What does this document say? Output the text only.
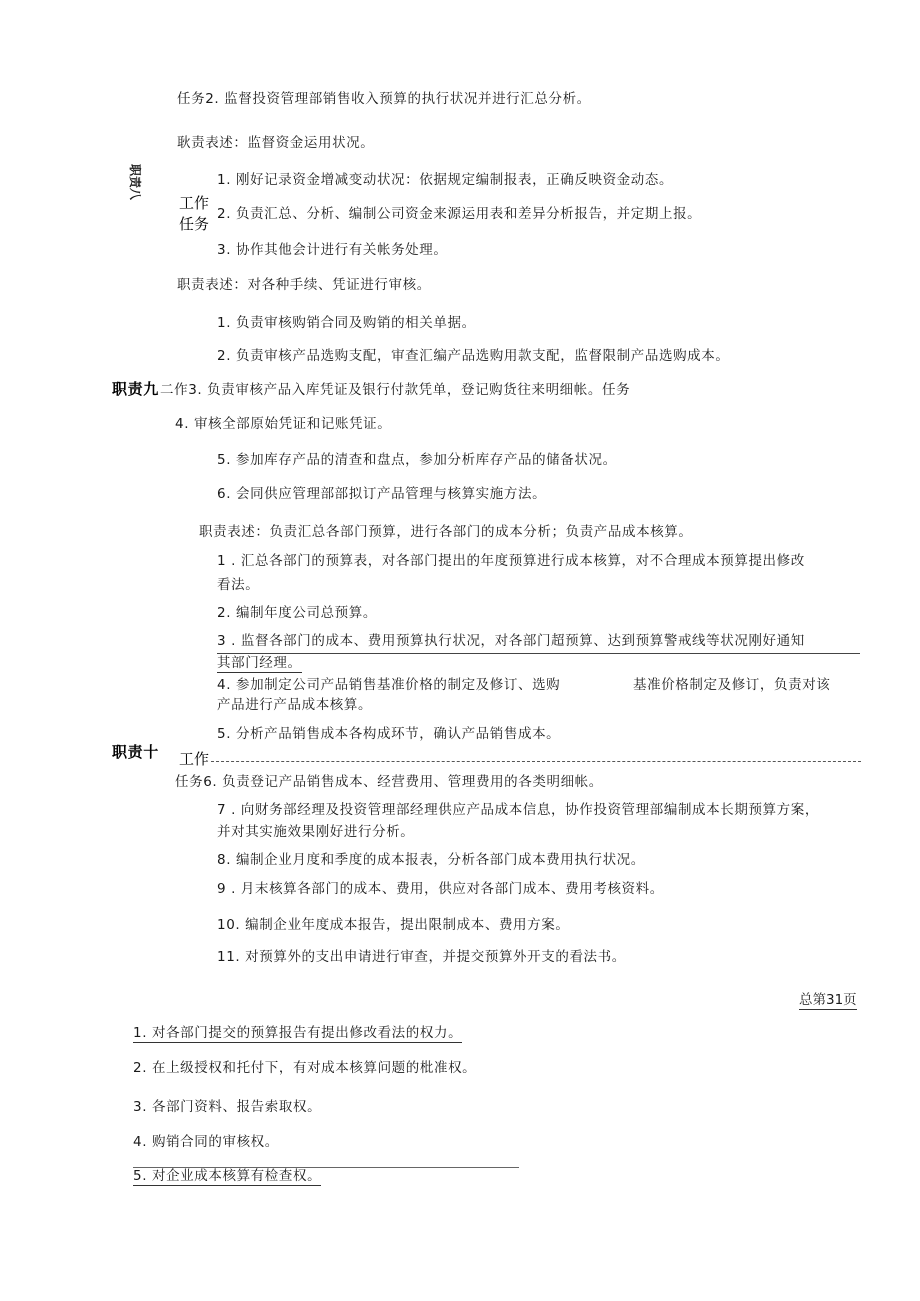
任务2. 监督投资管理部销售收入预算的执行状况并进行汇总分析。
耿责表述：监督资金运用状况。
职责八
工作
任务
1. 刚好记录资金增减变动状况：依据规定编制报表，正确反映资金动态。
2. 负责汇总、分析、编制公司资金来源运用表和差异分析报告，并定期上报。
3. 协作其他会计进行有关帐务处理。
职责表述：对各种手续、凭证进行审核。
1. 负责审核购销合同及购销的相关单据。
2. 负责审核产品选购支配，审查汇编产品选购用款支配，监督限制产品选购成本。
职责九 二作3. 负责审核产品入库凭证及银行付款凭单，登记购货往来明细帐。任务
4. 审核全部原始凭证和记账凭证。
5. 参加库存产品的清查和盘点，参加分析库存产品的储备状况。
6. 会同供应管理部部拟订产品管理与核算实施方法。
职责表述：负责汇总各部门预算，进行各部门的成本分析；负责产品成本核算。
1 . 汇总各部门的预算表，对各部门提出的年度预算进行成本核算，对不合理成本预算提出修改
看法。
2. 编制年度公司总预算。
3 . 监督各部门的成本、费用预算执行状况，对各部门超预算、达到预算警戒线等状况刚好通知
其部门经理。
4. 参加制定公司产品销售基准价格的制定及修订、选购	基准价格制定及修订，负责对该
产品进行产品成本核算。
5. 分析产品销售成本各构成环节，确认产品销售成本。
职责十 工作
任务6. 负责登记产品销售成本、经营费用、管理费用的各类明细帐。
7 . 向财务部经理及投资管理部经理供应产品成本信息，协作投资管理部编制成本长期预算方案，
并对其实施效果刚好进行分析。
8. 编制企业月度和季度的成本报表，分析各部门成本费用执行状况。
9 . 月末核算各部门的成本、费用，供应对各部门成本、费用考核资料。
10. 编制企业年度成本报告，提出限制成本、费用方案。
11. 对预算外的支出申请进行审查，并提交预算外开支的看法书。
总第31页
1. 对各部门提交的预算报告有提出修改看法的权力。
2. 在上级授权和托付下，有对成本核算问题的枇准权。
3. 各部门资料、报告索取权。
4. 购销合同的审核权。
5. 对企业成本核算有检查权。
